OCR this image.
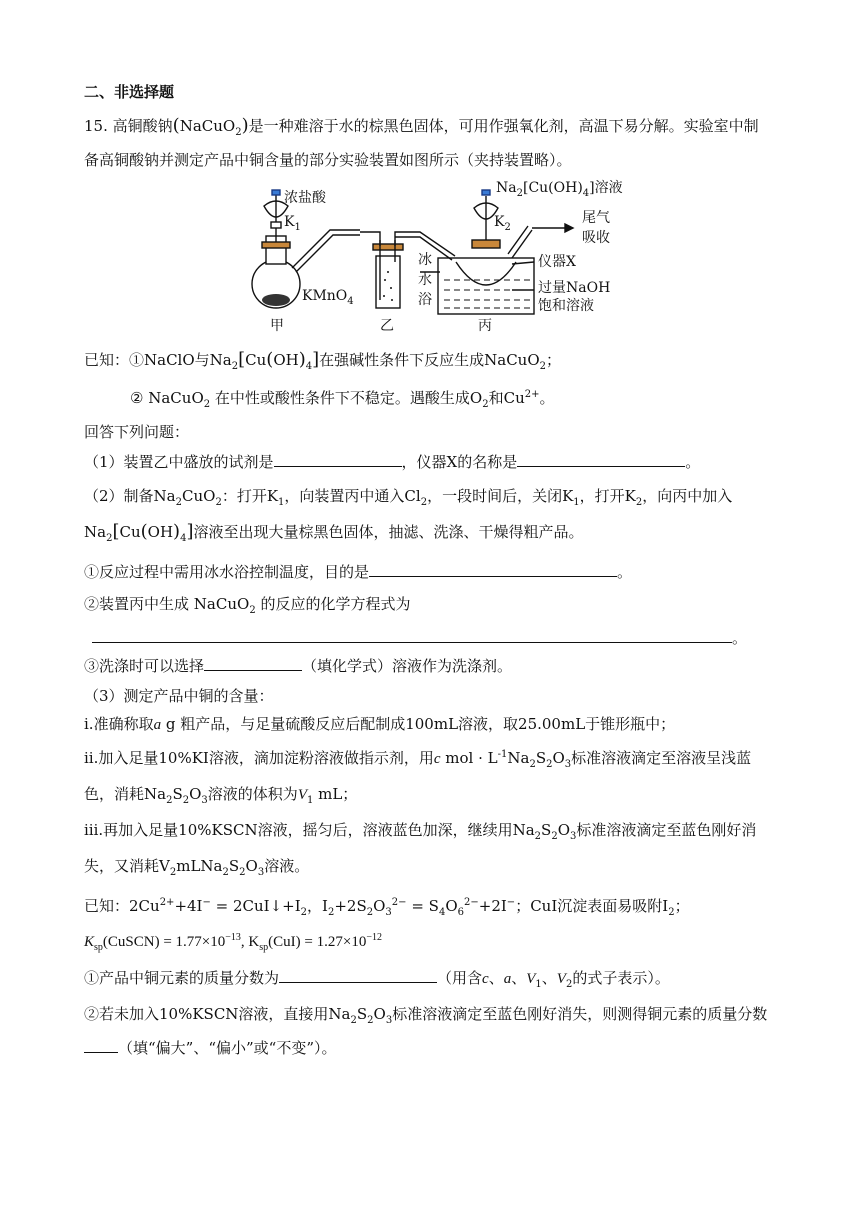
二、非选择题
15. 高铜酸钠(NaCuO$_2$)是一种难溶于水的棕黑色固体，可用作强氧化剂，高温下易分解。实验室中制
备高铜酸钠并测定产品中铜含量的部分实验装置如图所示（夹持装置略）。
浓盐酸
$K_1$
KMnO$_4$
$Na_2[Cu(OH)_4]$溶液
$K_2$
尾气
吸收
冰
水
浴
仪器X
过量NaOH
饱和溶液
甲	乙	丙
已知：①NaClO与$Na_2[Cu(OH)_4]$在强碱性条件下反应生成NaCuO$_2$；
② NaCuO$_2$ 在中性或酸性条件下不稳定。遇酸生成$O_2$和$Cu^{2+}$。
回答下列问题：
（1）装置乙中盛放的试剂是	，仪器X的名称是	。
（2）制备$Na_2CuO_2$：打开$K_1$，向装置丙中通入$Cl_2$，一段时间后，关闭$K_1$，打开$K_2$，向丙中加入
$Na_2[Cu(OH)_4]$溶液至出现大量棕黑色固体，抽滤、洗涤、干燥得粗产品。
①反应过程中需用冰水浴控制温度，目的是	。
②装置丙中生成 NaCuO$_2$ 的反应的化学方程式为
。
③洗涤时可以选择	（填化学式）溶液作为洗涤剂。
（3）测定产品中铜的含量：
ⅰ.准确称取a g 粗产品，与足量硫酸反应后配制成100mL溶液，取25.00mL于锥形瓶中；
ⅱ.加入足量10%KI溶液，滴加淀粉溶液做指示剂，用c mol · $L^{-1}Na_2S_2O_3$标准溶液滴定至溶液呈浅蓝
色，消耗$Na_2S_2O_3$溶液的体积为$V_1$ mL；
ⅲ.再加入足量10%KSCN溶液，摇匀后，溶液蓝色加深，继续用$Na_2S_2O_3$标准溶液滴定至蓝色刚好消
失，又消耗$V_2mLNa_2S_2O_3$溶液。
已知：$2Cu^{2+}+4I^-$ = $2CuI↓+I_2$，$I_2+2S_2O_3^{2-} = S_4O_6^{2-}+2I^-$；CuI沉淀表面易吸附$I_2$；
$K_{sp}(CuSCN) = 1.77\times 10^{-13}$, $K_{sp}(CuI) = 1.27\times 10^{-12}$
①产品中铜元素的质量分数为	（用含c、a、$V_1$、$V_2$的式子表示）。
②若未加入10%KSCN溶液，直接用$Na_2S_2O_3$标准溶液滴定至蓝色刚好消失，则测得铜元素的质量分数
（填“偏大”、“偏小”或“不变”）。
